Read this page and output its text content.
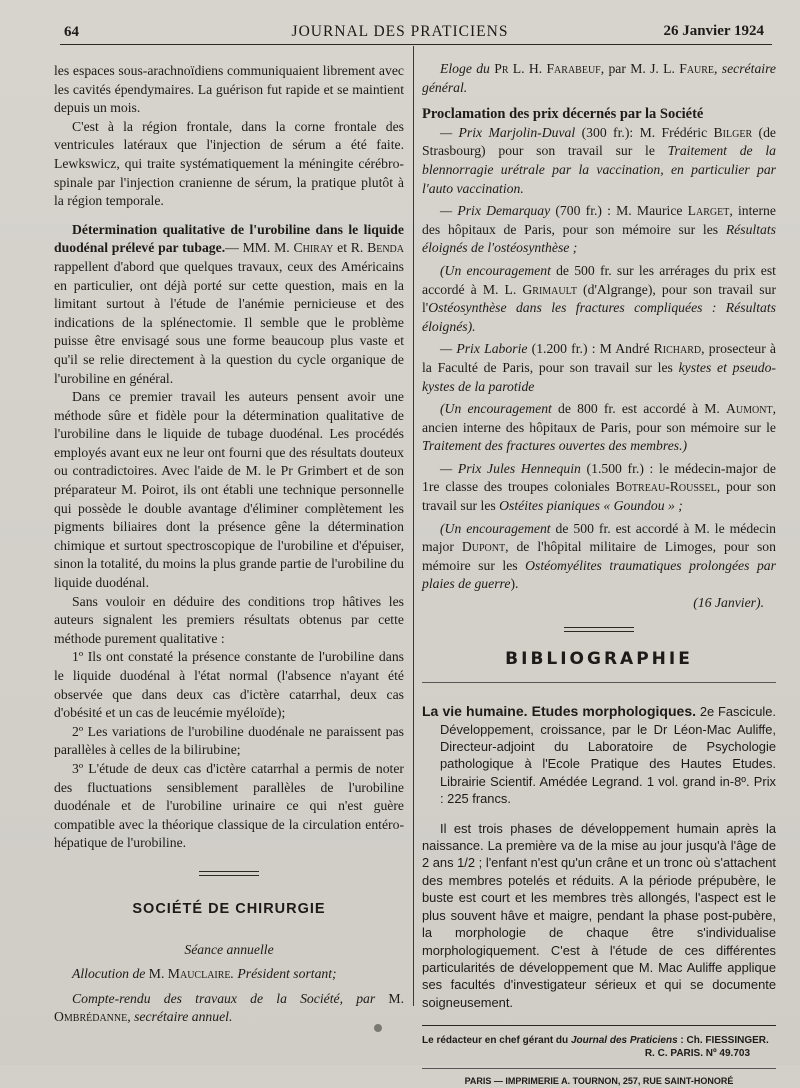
64	JOURNAL DES PRATICIENS	26 Janvier 1924

les espaces sous-arachnoïdiens communiquaient librement avec les cavités épendymaires. La guérison fut rapide et se maintient depuis un mois.

C'est à la région frontale, dans la corne frontale des ventricules latéraux que l'injection de sérum a été faite. Lewkswicz, qui traite systématiquement la méningite cérébro-spinale par l'injection cranienne de sérum, la pratique plutôt à la région temporale.

Détermination qualitative de l'urobiline dans le liquide duodénal prélevé par tubage.— MM. M. Chiray et R. Benda rappellent d'abord que quelques travaux, ceux des Américains en particulier, ont déjà porté sur cette question, mais en la limitant surtout à l'étude de l'anémie pernicieuse et des indications de la splénectomie. Il semble que le problème puisse être envisagé sous une forme beaucoup plus vaste et qu'il se relie directement à la question du cycle organique de l'urobiline en général.

Dans ce premier travail les auteurs pensent avoir une méthode sûre et fidèle pour la détermination qualitative de l'urobiline dans le liquide de tubage duodénal. Les procédés employés avant eux ne leur ont fourni que des résultats douteux ou contradictoires. Avec l'aide de M. le Pr Grimbert et de son préparateur M. Poirot, ils ont établi une technique personnelle qui possède le double avantage d'éliminer complètement les pigments biliaires dont la présence gêne la détermination chimique et surtout spectroscopique de l'urobiline et d'épuiser, sinon la totalité, du moins la plus grande partie de l'urobiline du liquide duodénal.

Sans vouloir en déduire des conditions trop hâtives les auteurs signalent les premiers résultats obtenus par cette méthode purement qualitative :

1º Ils ont constaté la présence constante de l'urobiline dans le liquide duodénal à l'état normal (l'absence n'ayant été observée que dans deux cas d'ictère catarrhal, deux cas d'obésité et un cas de leucémie myéloïde);

2º Les variations de l'urobiline duodénale ne paraissent pas parallèles à celles de la bilirubine;

3º L'étude de deux cas d'ictère catarrhal a permis de noter des fluctuations sensiblement parallèles de l'urobiline duodénale et de l'urobiline urinaire ce qui n'est guère compatible avec la théorique classique de la circulation entéro-hépatique de l'urobiline.

SOCIÉTÉ DE CHIRURGIE
Séance annuelle

Allocution de M. Mauclaire. Président sortant;

Compte-rendu des travaux de la Société, par M. Ombrédanne, secrétaire annuel.

Eloge du Pr L. H. Farabeuf, par M. J. L. Faure, secrétaire général.

Proclamation des prix décernés par la Société

— Prix Marjolin-Duval (300 fr.): M. Frédéric Bilger (de Strasbourg) pour son travail sur le Traitement de la blennorragie urétrale par la vaccination, en particulier par l'auto vaccination.

— Prix Demarquay (700 fr.) : M. Maurice Larget, interne des hôpitaux de Paris, pour son mémoire sur les Résultats éloignés de l'ostéosynthèse ;

(Un encouragement de 500 fr. sur les arrérages du prix est accordé à M. L. Grimault (d'Algrange), pour son travail sur l'Ostéosynthèse dans les fractures compliquées : Résultats éloignés).

— Prix Laborie (1.200 fr.) : M André Richard, prosecteur à la Faculté de Paris, pour son travail sur les kystes et pseudo-kystes de la parotide

(Un encouragement de 800 fr. est accordé à M. Aumont, ancien interne des hôpitaux de Paris, pour son mémoire sur le Traitement des fractures ouvertes des membres.)

— Prix Jules Hennequin (1.500 fr.) : le médecin-major de 1re classe des troupes coloniales Botreau-Roussel, pour son travail sur les Ostéites pianiques « Goundou » ;

(Un encouragement de 500 fr. est accordé à M. le médecin major Dupont, de l'hôpital militaire de Limoges, pour son mémoire sur les Ostéomyélites traumatiques prolongées par plaies de guerre).

(16 Janvier).

BIBLIOGRAPHIE

La vie humaine. Etudes morphologiques. 2e Fascicule. Développement, croissance, par le Dr Léon-Mac Auliffe, Directeur-adjoint du Laboratoire de Psychologie pathologique à l'Ecole Pratique des Hautes Etudes. Librairie Scientif. Amédée Legrand. 1 vol. grand in-8º. Prix : 225 francs.

Il est trois phases de développement humain après la naissance. La première va de la mise au jour jusqu'à l'âge de 2 ans 1/2 ; l'enfant n'est qu'un crâne et un tronc où s'attachent des membres potelés et réduits. A la période prépubère, le buste est court et les membres très allongés, l'aspect est le plus souvent hâve et maigre, pendant la phase post-pubère, la morphologie de chaque être s'individualise morphologiquement. C'est à l'étude de ces différentes particularités de développement que M. Mac Auliffe applique ses facultés d'investigateur sérieux et qui se documente soigneusement.

Le rédacteur en chef gérant du Journal des Praticiens : Ch. FIESSINGER.
R. C. PARIS. Nº 49.703
PARIS — IMPRIMERIE A. TOURNON, 257, RUE SAINT-HONORÉ
